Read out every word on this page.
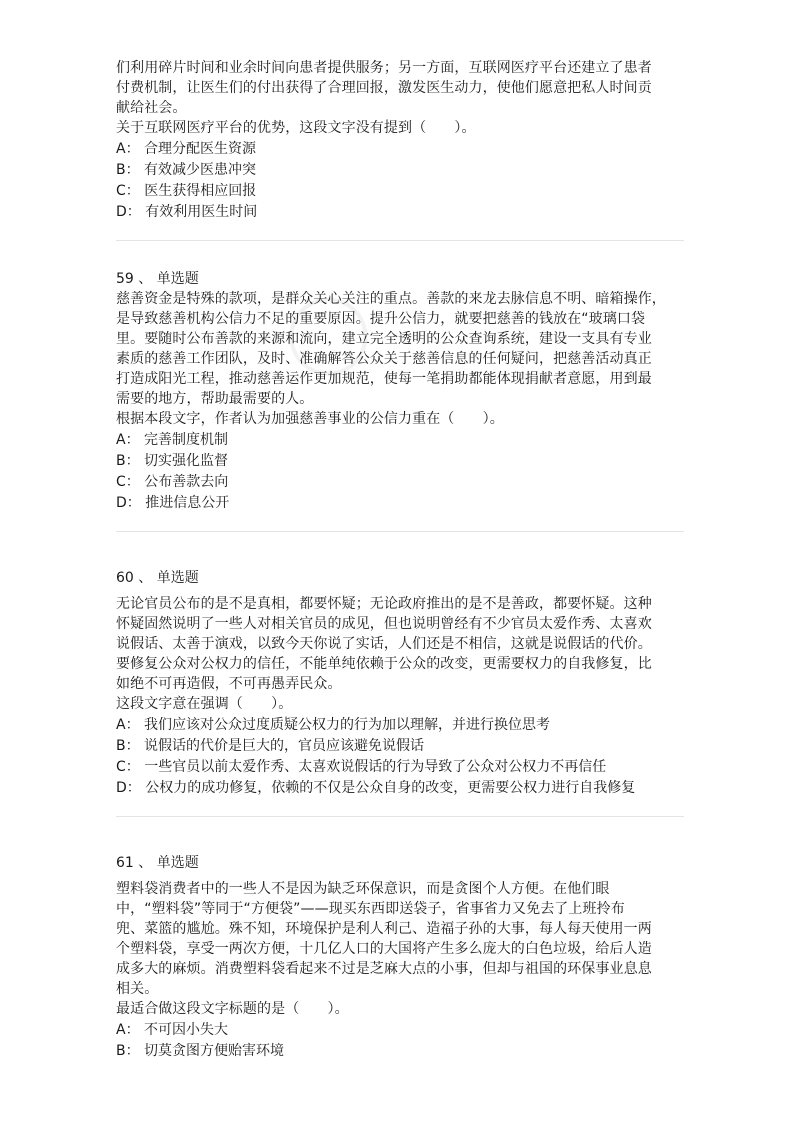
们利用碎片时间和业余时间向患者提供服务；另一方面，互联网医疗平台还建立了患者
付费机制，让医生们的付出获得了合理回报，激发医生动力，使他们愿意把私人时间贡
献给社会。
关于互联网医疗平台的优势，这段文字没有提到（　　）。
A： 合理分配医生资源
B： 有效减少医患冲突
C： 医生获得相应回报
D： 有效利用医生时间
59 、 单选题
慈善资金是特殊的款项，是群众关心关注的重点。善款的来龙去脉信息不明、暗箱操作，
是导致慈善机构公信力不足的重要原因。提升公信力，就要把慈善的钱放在“玻璃口袋
里。要随时公布善款的来源和流向，建立完全透明的公众查询系统，建设一支具有专业
素质的慈善工作团队，及时、准确解答公众关于慈善信息的任何疑问，把慈善活动真正
打造成阳光工程，推动慈善运作更加规范，使每一笔捐助都能体现捐献者意愿，用到最
需要的地方，帮助最需要的人。
根据本段文字，作者认为加强慈善事业的公信力重在（　　）。
A： 完善制度机制
B： 切实强化监督
C： 公布善款去向
D： 推进信息公开
60 、 单选题
无论官员公布的是不是真相，都要怀疑；无论政府推出的是不是善政，都要怀疑。这种
怀疑固然说明了一些人对相关官员的成见，但也说明曾经有不少官员太爱作秀、太喜欢
说假话、太善于演戏，以致今天你说了实话，人们还是不相信，这就是说假话的代价。
要修复公众对公权力的信任，不能单纯依赖于公众的改变，更需要权力的自我修复，比
如绝不可再造假，不可再愚弄民众。
这段文字意在强调（　　）。
A： 我们应该对公众过度质疑公权力的行为加以理解，并进行换位思考
B： 说假话的代价是巨大的，官员应该避免说假话
C： 一些官员以前太爱作秀、太喜欢说假话的行为导致了公众对公权力不再信任
D： 公权力的成功修复，依赖的不仅是公众自身的改变，更需要公权力进行自我修复
61 、 单选题
塑料袋消费者中的一些人不是因为缺乏环保意识，而是贪图个人方便。在他们眼
中，“塑料袋”等同于“方便袋”——现买东西即送袋子，省事省力又免去了上班拎布
兜、菜篮的尴尬。殊不知，环境保护是利人利己、造福子孙的大事，每人每天使用一两
个塑料袋，享受一两次方便，十几亿人口的大国将产生多么庞大的白色垃圾，给后人造
成多大的麻烦。消费塑料袋看起来不过是芝麻大点的小事，但却与祖国的环保事业息息
相关。
最适合做这段文字标题的是（　　）。
A： 不可因小失大
B： 切莫贪图方便贻害环境
